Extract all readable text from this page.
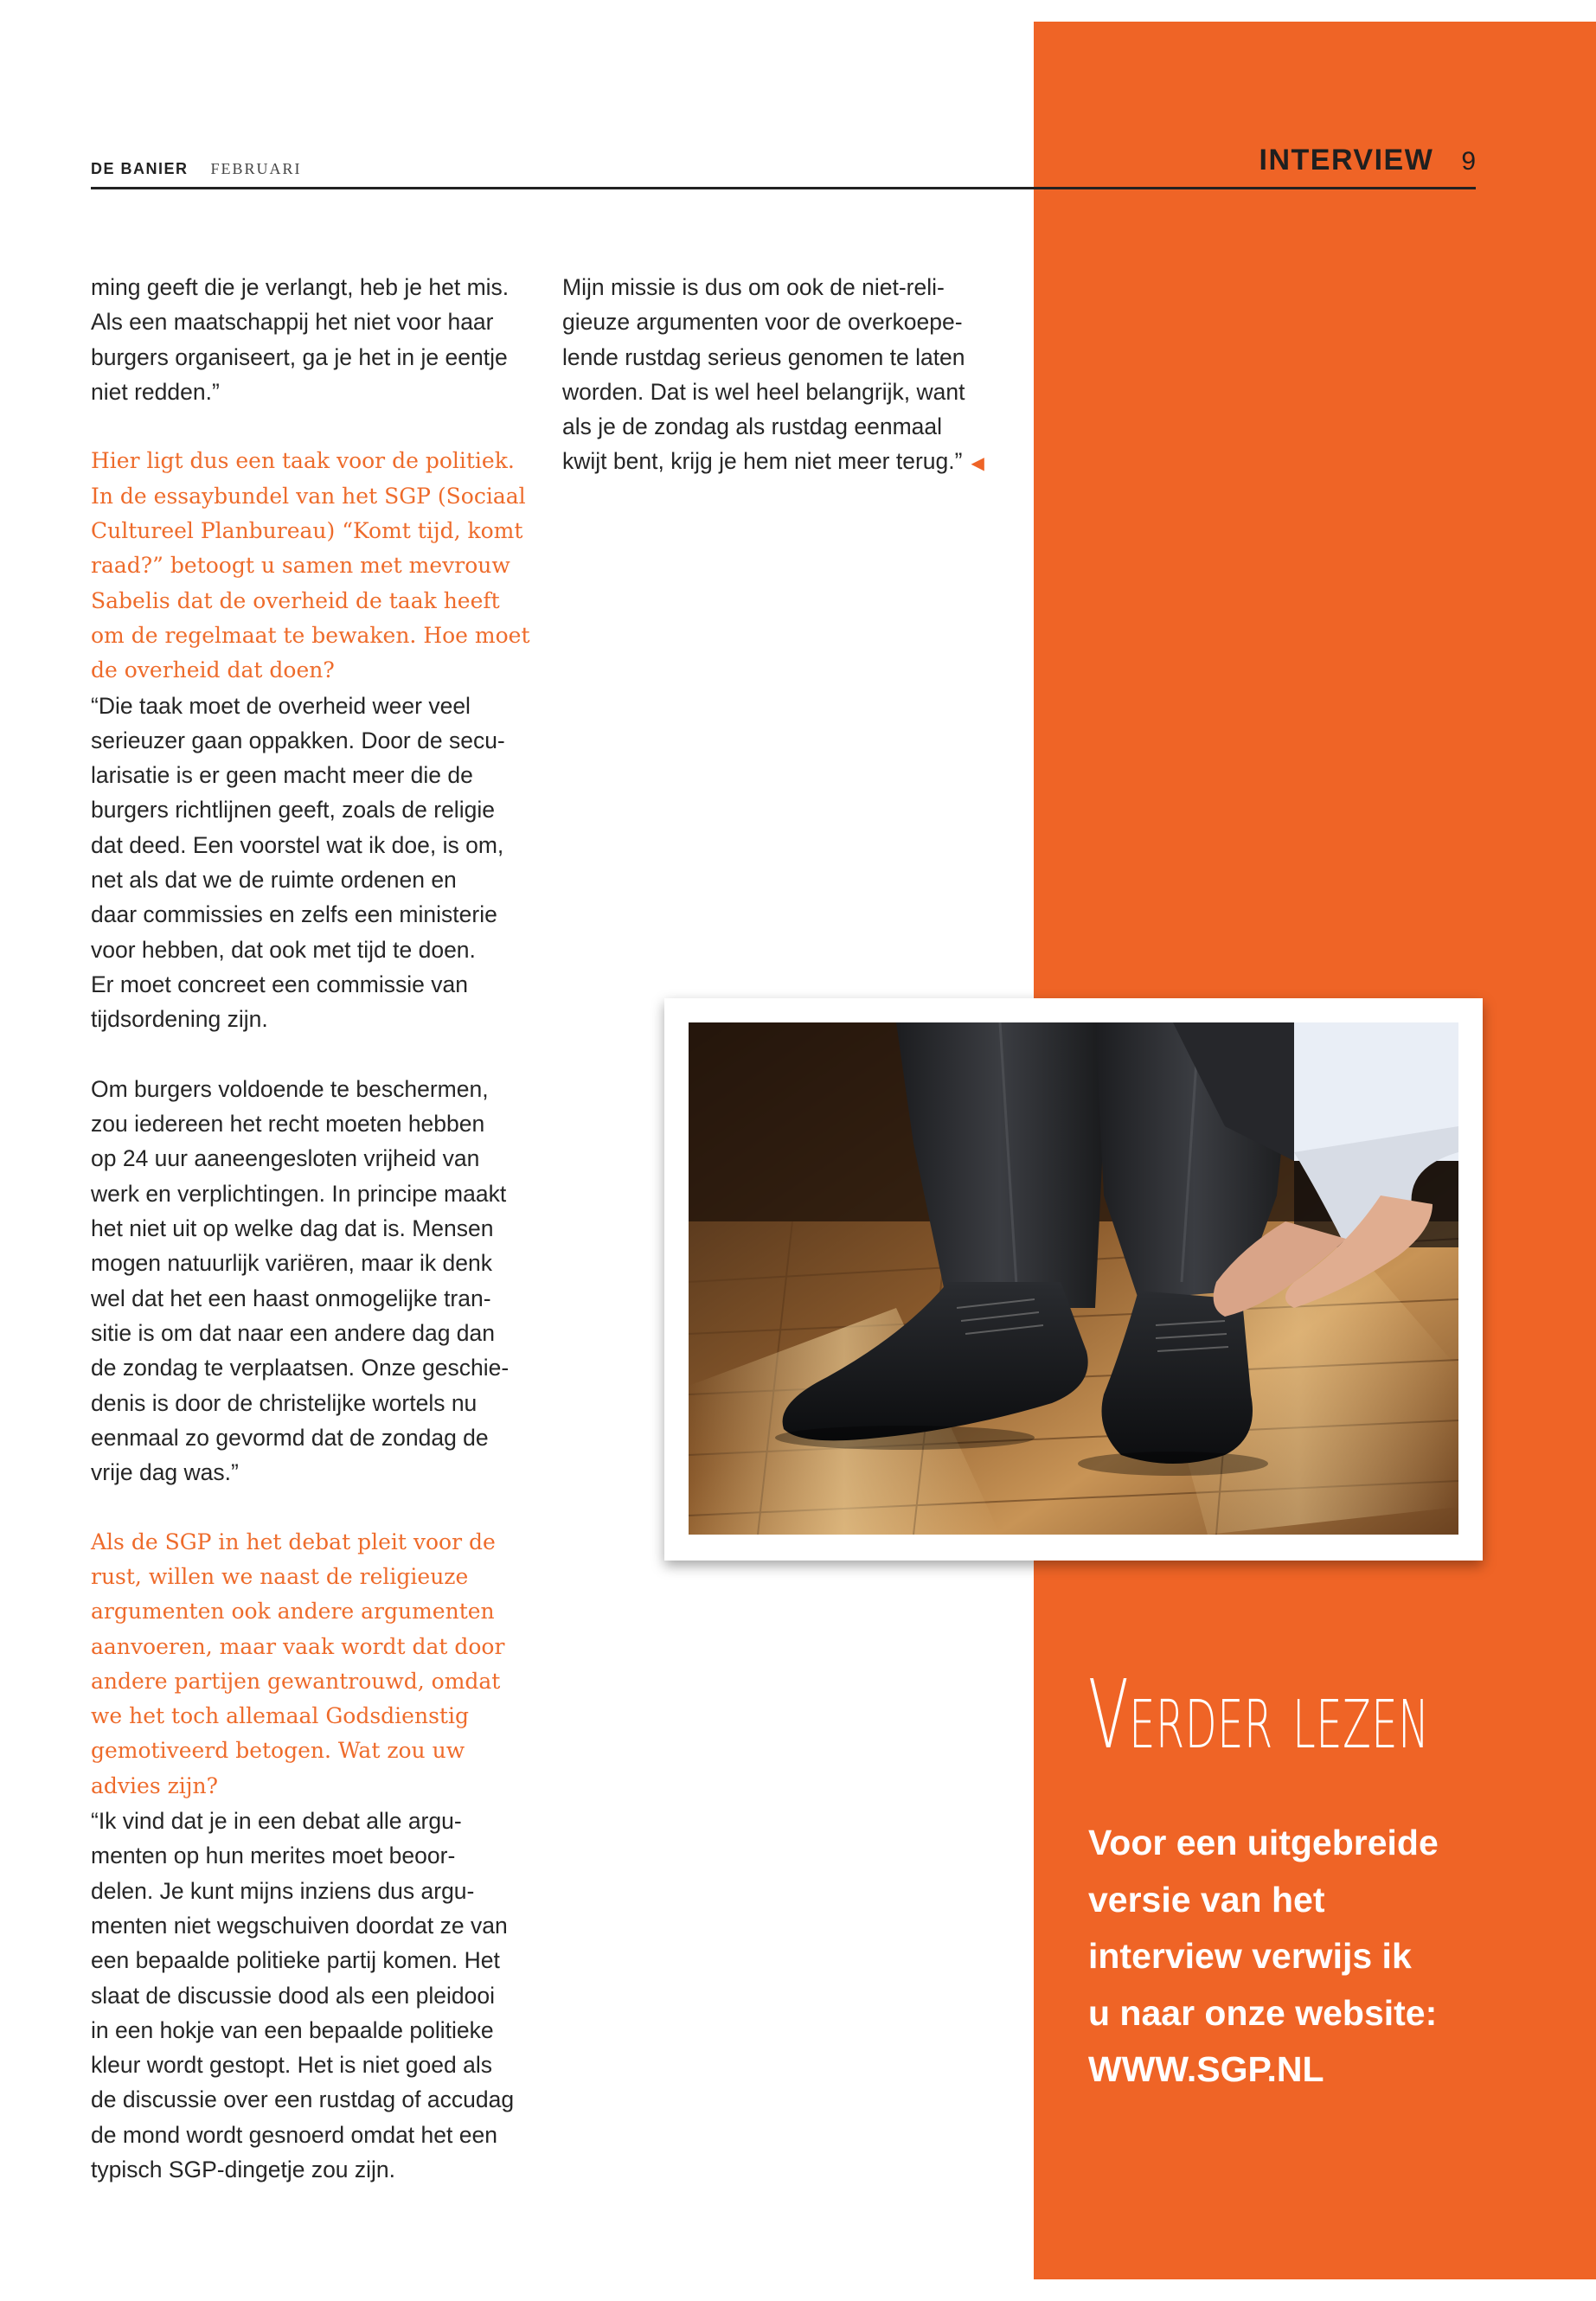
DE BANIER FEBRUARI	INTERVIEW 9

ming geeft die je verlangt, heb je het mis.
Als een maatschappij het niet voor haar
burgers organiseert, ga je het in je eentje
niet redden.”

Hier ligt dus een taak voor de politiek.
In de essaybundel van het SGP (Sociaal
Cultureel Planbureau) “Komt tijd, komt
raad?” betoogt u samen met mevrouw
Sabelis dat de overheid de taak heeft
om de regelmaat te bewaken. Hoe moet
de overheid dat doen?

“Die taak moet de overheid weer veel
serieuzer gaan oppakken. Door de secu-
larisatie is er geen macht meer die de
burgers richtlijnen geeft, zoals de religie
dat deed. Een voorstel wat ik doe, is om,
net als dat we de ruimte ordenen en
daar commissies en zelfs een ministerie
voor hebben, dat ook met tijd te doen.
Er moet concreet een commissie van
tijdsordening zijn.

Om burgers voldoende te beschermen,
zou iedereen het recht moeten hebben
op 24 uur aaneengesloten vrijheid van
werk en verplichtingen. In principe maakt
het niet uit op welke dag dat is. Mensen
mogen natuurlijk variëren, maar ik denk
wel dat het een haast onmogelijke tran-
sitie is om dat naar een andere dag dan
de zondag te verplaatsen. Onze geschie-
denis is door de christelijke wortels nu
eenmaal zo gevormd dat de zondag de
vrije dag was.”

Als de SGP in het debat pleit voor de
rust, willen we naast de religieuze
argumenten ook andere argumenten
aanvoeren, maar vaak wordt dat door
andere partijen gewantrouwd, omdat
we het toch allemaal Godsdienstig
gemotiveerd betogen. Wat zou uw
advies zijn?

“Ik vind dat je in een debat alle argu-
menten op hun merites moet beoor-
delen. Je kunt mijns inziens dus argu-
menten niet wegschuiven doordat ze van
een bepaalde politieke partij komen. Het
slaat de discussie dood als een pleidooi
in een hokje van een bepaalde politieke
kleur wordt gestopt. Het is niet goed als
de discussie over een rustdag of accudag
de mond wordt gesnoerd omdat het een
typisch SGP-dingetje zou zijn.

Mijn missie is dus om ook de niet-reli-
gieuze argumenten voor de overkoepe-
lende rustdag serieus genomen te laten
worden. Dat is wel heel belangrijk, want
als je de zondag als rustdag eenmaal
kwijt bent, krijg je hem niet meer terug.” ◀

Verder lezen

Voor een uitgebreide
versie van het
interview verwijs ik
u naar onze website:
WWW.SGP.NL
